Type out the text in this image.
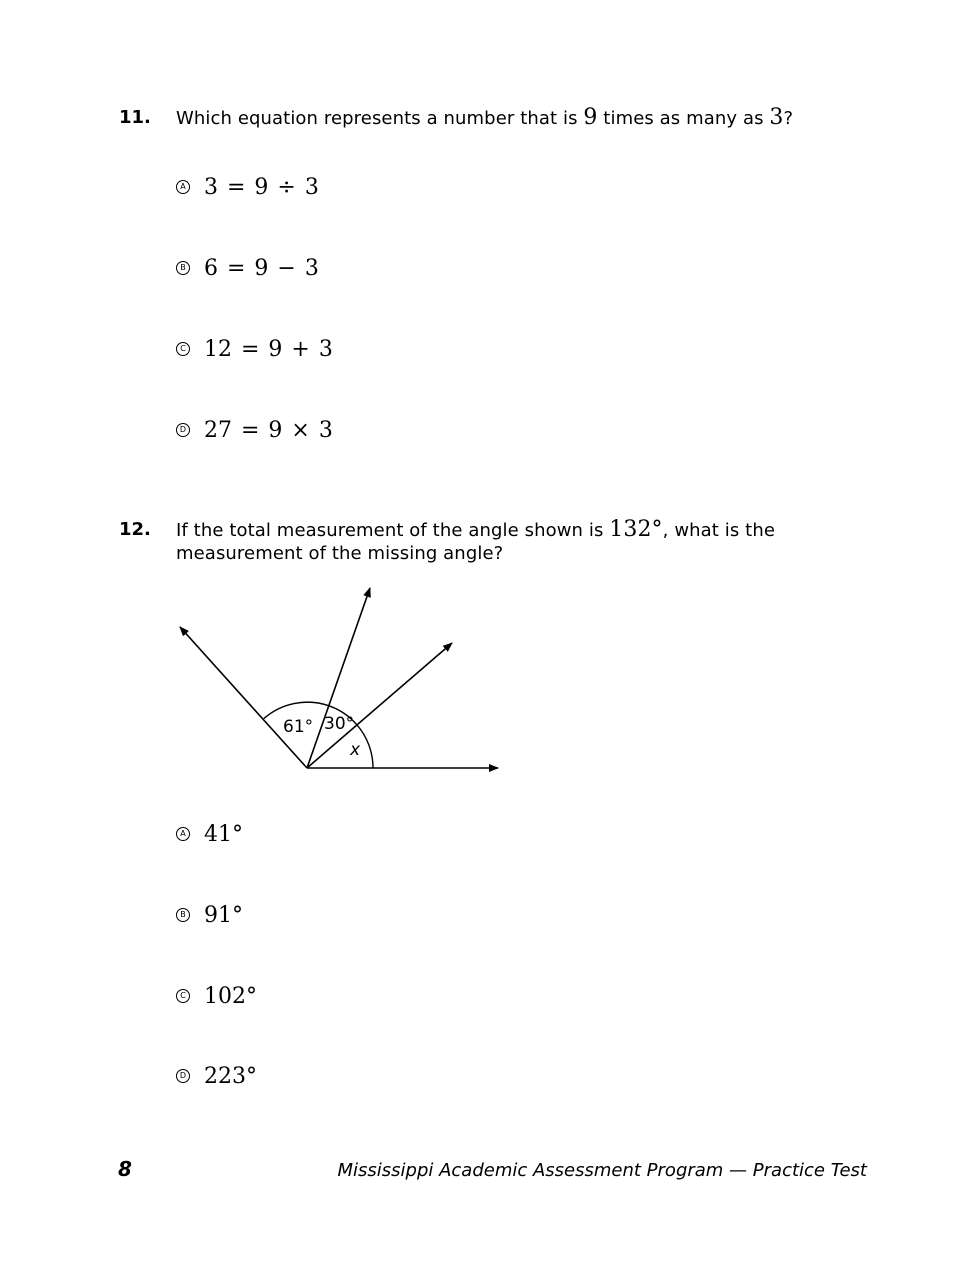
11. Which equation represents a number that is 9 times as many as 3?
A 3 = 9 ÷ 3
B 6 = 9 − 3
C 12 = 9 + 3
D 27 = 9 × 3
12. If the total measurement of the angle shown is 132°, what is the
measurement of the missing angle?
61° 30°
x
A 41°
B 91°
C 102°
D 223°
8	Mississippi Academic Assessment Program — Practice Test
